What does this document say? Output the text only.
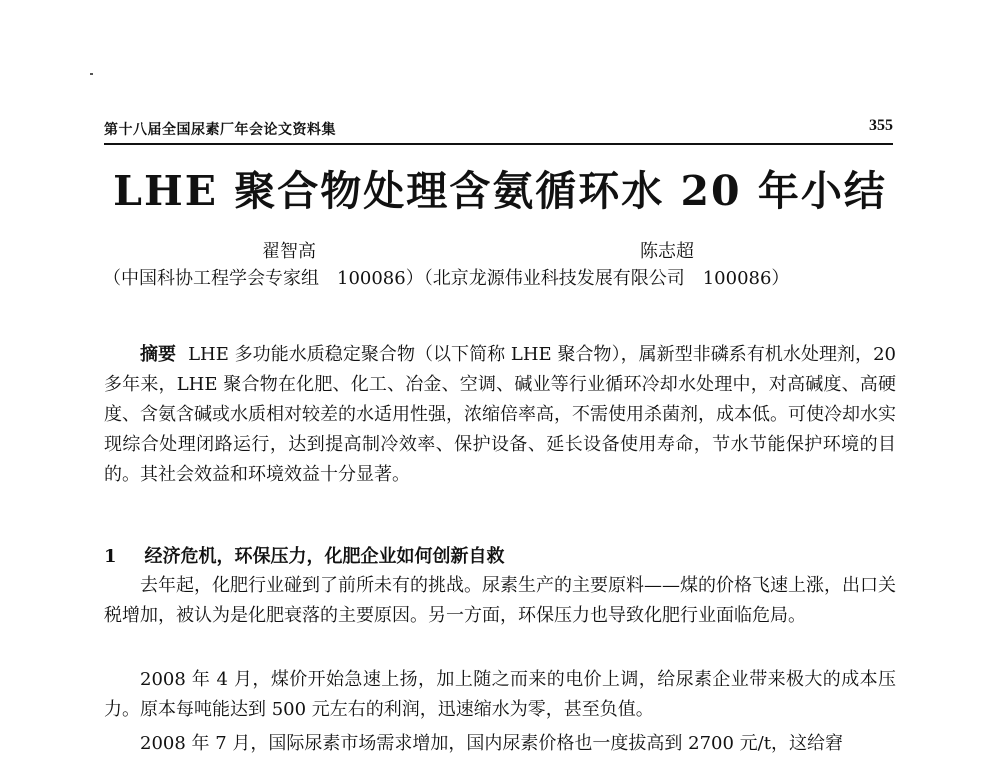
第十八届全国尿素厂年会论文资料集	355
LHE 聚合物处理含氨循环水 20 年小结
翟智高	陈志超
（中国科协工程学会专家组　100086）（北京龙源伟业科技发展有限公司　100086）
摘要 LHE 多功能水质稳定聚合物（以下简称 LHE 聚合物），属新型非磷系有机水处理剂，20 多年来，LHE 聚合物在化肥、化工、冶金、空调、碱业等行业循环冷却水处理中，对高碱度、高硬度、含氨含碱或水质相对较差的水适用性强，浓缩倍率高，不需使用杀菌剂，成本低。可使冷却水实现综合处理闭路运行，达到提高制冷效率、保护设备、延长设备使用寿命，节水节能保护环境的目的。其社会效益和环境效益十分显著。
1 经济危机，环保压力，化肥企业如何创新自救

去年起，化肥行业碰到了前所未有的挑战。尿素生产的主要原料——煤的价格飞速上涨，出口关税增加，被认为是化肥衰落的主要原因。另一方面，环保压力也导致化肥行业面临危局。

2008 年 4 月，煤价开始急速上扬，加上随之而来的电价上调，给尿素企业带来极大的成本压力。原本每吨能达到 500 元左右的利润，迅速缩水为零，甚至负值。

2008 年 7 月，国际尿素市场需求增加，国内尿素价格也一度拔高到 2700 元/t，这给窘
